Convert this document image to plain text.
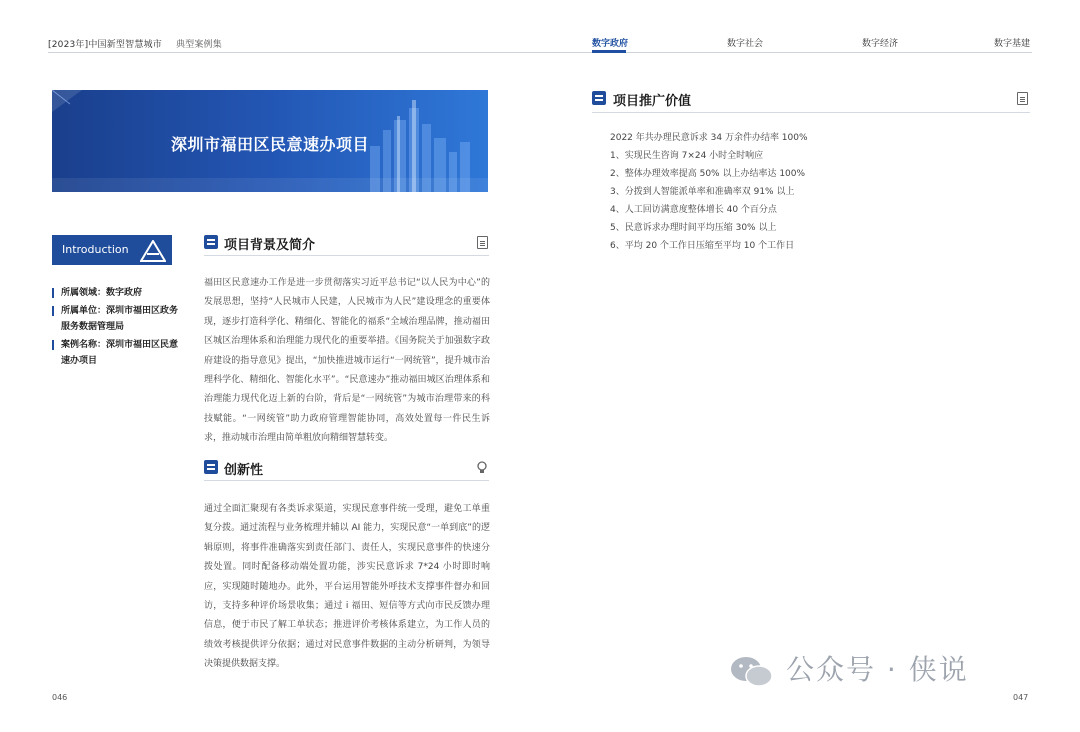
[2023年]中国新型智慧城市 典型案例集	数字政府	数字社会	数字经济	数字基建
深圳市福田区民意速办项目
Introduction
所属领域：数字政府
所属单位：深圳市福田区政务服务数据管理局
案例名称：深圳市福田区民意速办项目
项目背景及简介
福田区民意速办工作是进一步贯彻落实习近平总书记“以人民为中心”的发展思想，坚持“人民城市人民建，人民城市为人民”建设理念的重要体现，逐步打造科学化、精细化、智能化的福系“全域治理品牌，推动福田区城区治理体系和治理能力现代化的重要举措。《国务院关于加强数字政府建设的指导意见》提出，“加快推进城市运行“一网统管”，提升城市治理科学化、精细化、智能化水平”。“民意速办”推动福田城区治理体系和治理能力现代化迈上新的台阶，背后是“一网统管”为城市治理带来的科技赋能。“一网统管”助力政府管理智能协同，高效处置每一件民生诉求，推动城市治理由简单粗放向精细智慧转变。
创新性
通过全面汇聚现有各类诉求渠道，实现民意事件统一受理，避免工单重复分拨。通过流程与业务梳理并辅以 AI 能力，实现民意“一单到底”的逻辑原则，将事件准确落实到责任部门、责任人，实现民意事件的快速分拨处置。同时配备移动端处置功能，涉实民意诉求 7*24 小时即时响应，实现随时随地办。此外，平台运用智能外呼技术支撑事件督办和回访，支持多种评价场景收集；通过 i 福田、短信等方式向市民反馈办理信息，便于市民了解工单状态；推进评价考核体系建立，为工作人员的绩效考核提供评分依据；通过对民意事件数据的主动分析研判，为领导决策提供数据支撑。
项目推广价值
2022 年共办理民意诉求 34 万余件办结率 100%
1、实现民生咨询 7×24 小时全时响应
2、整体办理效率提高 50% 以上办结率达 100%
3、分拨到人智能派单率和准确率双 91% 以上
4、人工回访满意度整体增长 40 个百分点
5、民意诉求办理时间平均压缩 30% 以上
6、平均 20 个工作日压缩至平均 10 个工作日
046	047
公众号 · 侠说
